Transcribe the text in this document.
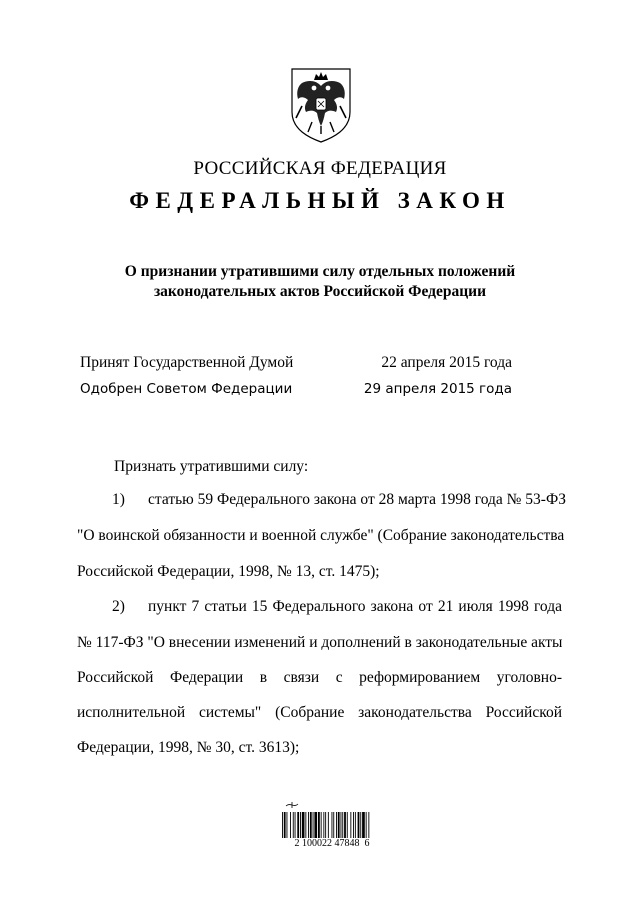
РОССИЙСКАЯ ФЕДЕРАЦИЯ
ФЕДЕРАЛЬНЫЙ ЗАКОН
О признании утратившими силу отдельных положений
законодательных актов Российской Федерации
Принят Государственной Думой	22 апреля 2015 года
Одобрен Советом Федерации	29 апреля 2015 года
Признать утратившими силу:
1) статью 59 Федерального закона от 28 марта 1998 года № 53-ФЗ
"О воинской обязанности и военной службе" (Собрание законодательства
Российской Федерации, 1998, № 13, ст. 1475);
2) пункт 7 статьи 15 Федерального закона от 21 июля 1998 года
№ 117-ФЗ "О внесении изменений и дополнений в законодательные акты
Российской Федерации в связи с реформированием уголовно-
исполнительной системы" (Собрание законодательства Российской
Федерации, 1998, № 30, ст. 3613);
2 100022 47848  6
